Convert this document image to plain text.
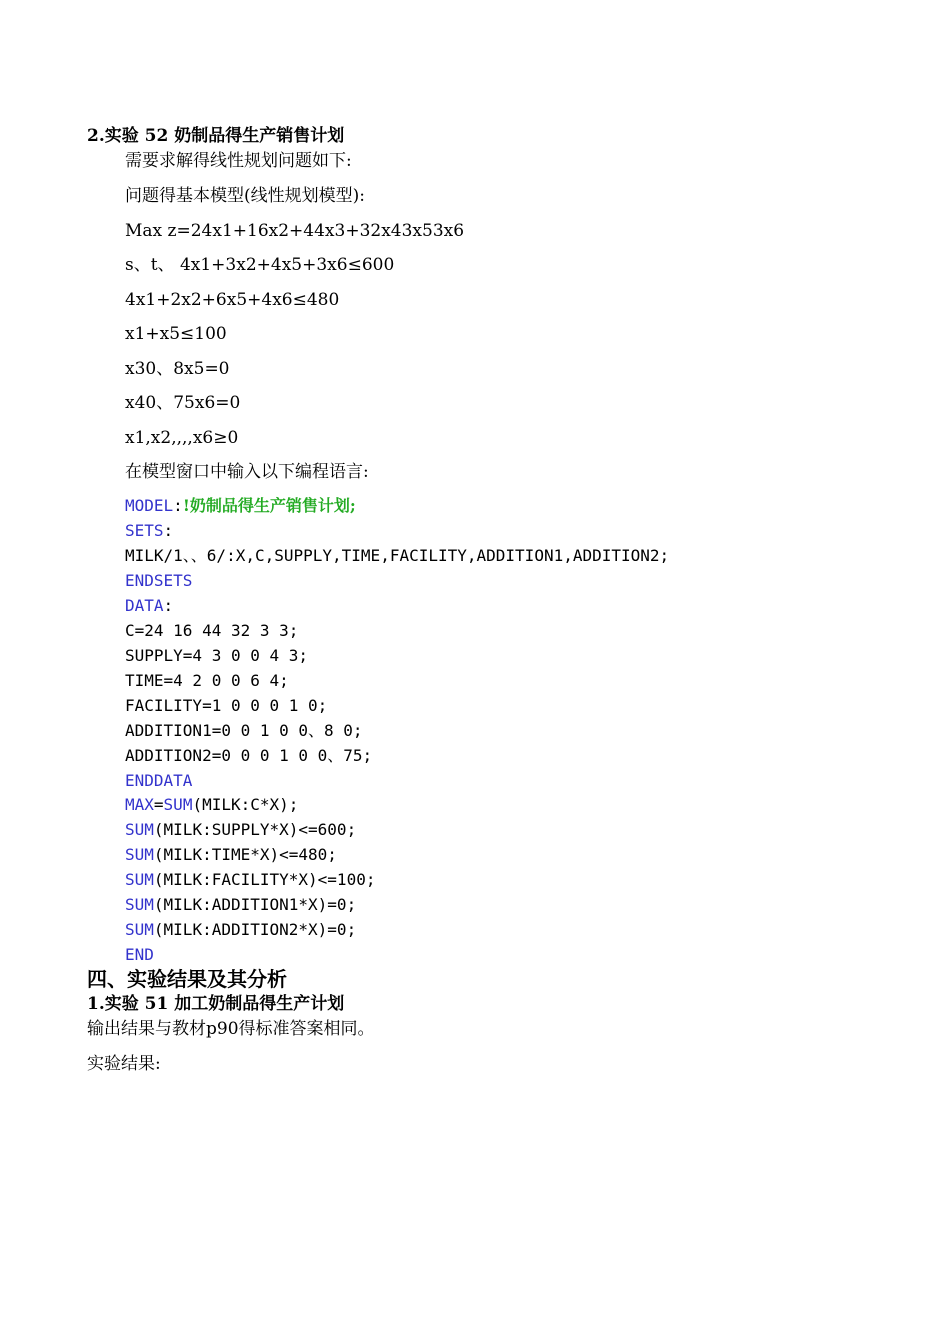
2.实验 52 奶制品得生产销售计划
需要求解得线性规划问题如下:
问题得基本模型(线性规划模型):
Max z=24x1+16x2+44x3+32x43x53x6
s、t、 4x1+3x2+4x5+3x6≤600
4x1+2x2+6x5+4x6≤480
x1+x5≤100
x30、8x5=0
x40、75x6=0
x1,x2,,,,x6≥0
在模型窗口中输入以下编程语言:
MODEL:!奶制品得生产销售计划;
SETS:
MILK/1、、6/:X,C,SUPPLY,TIME,FACILITY,ADDITION1,ADDITION2;
ENDSETS
DATA:
C=24 16 44 32 3 3;
SUPPLY=4 3 0 0 4 3;
TIME=4 2 0 0 6 4;
FACILITY=1 0 0 0 1 0;
ADDITION1=0 0 1 0 0、8 0;
ADDITION2=0 0 0 1 0 0、75;
ENDDATA
MAX=SUM(MILK:C*X);
SUM(MILK:SUPPLY*X)<=600;
SUM(MILK:TIME*X)<=480;
SUM(MILK:FACILITY*X)<=100;
SUM(MILK:ADDITION1*X)=0;
SUM(MILK:ADDITION2*X)=0;
END
四、实验结果及其分析
1.实验 51 加工奶制品得生产计划
输出结果与教材p90得标准答案相同。
实验结果:
